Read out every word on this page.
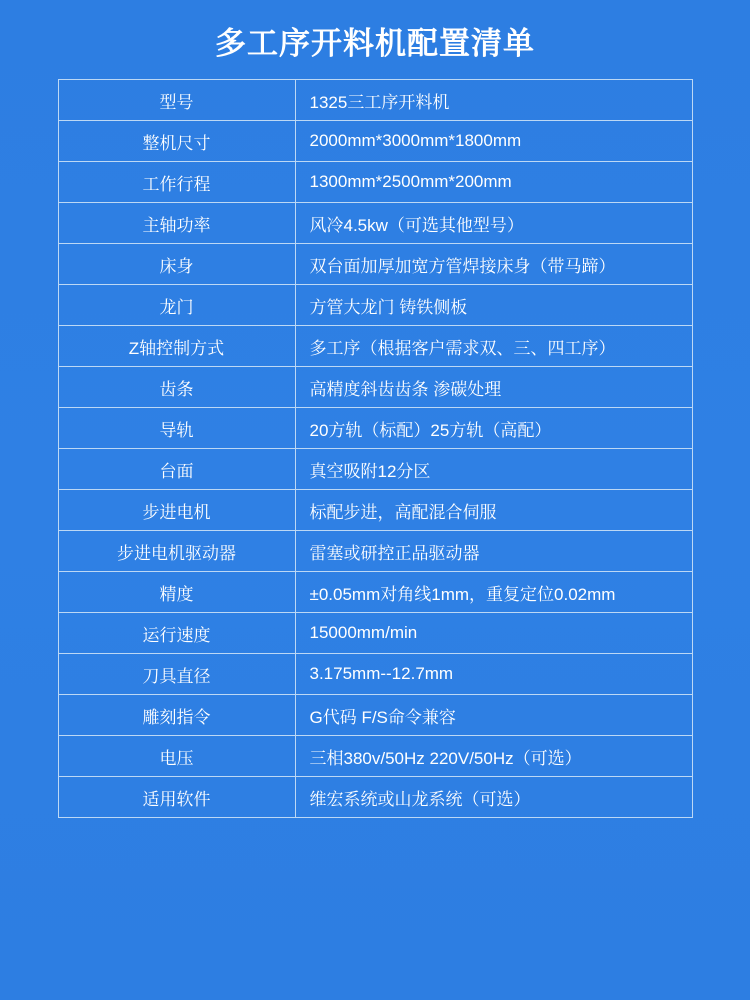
多工序开料机配置清单
型号	1325三工序开料机
整机尺寸	2000mm*3000mm*1800mm
工作行程	1300mm*2500mm*200mm
主轴功率	风冷4.5kw（可选其他型号）
床身	双台面加厚加宽方管焊接床身（带马蹄）
龙门	方管大龙门 铸铁侧板
Z轴控制方式	多工序（根据客户需求双、三、四工序）
齿条	高精度斜齿齿条 渗碳处理
导轨	20方轨（标配）25方轨（高配）
台面	真空吸附12分区
步进电机	标配步进，高配混合伺服
步进电机驱动器	雷塞或研控正品驱动器
精度	±0.05mm对角线1mm，重复定位0.02mm
运行速度	15000mm/min
刀具直径	3.175mm--12.7mm
雕刻指令	G代码 F/S命令兼容
电压	三相380v/50Hz 220V/50Hz（可选）
适用软件	维宏系统或山龙系统（可选）
